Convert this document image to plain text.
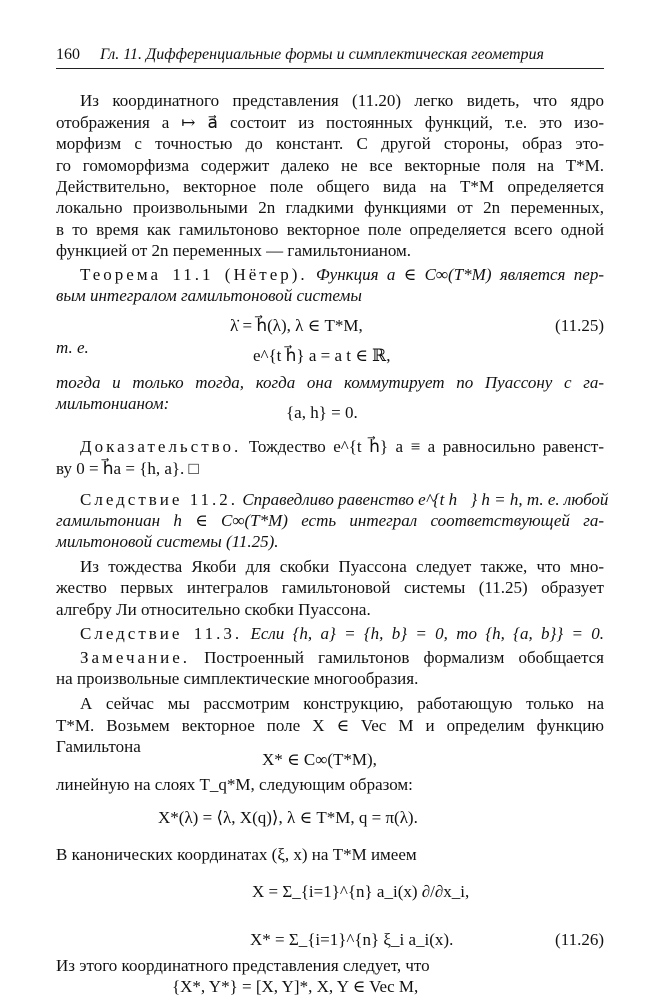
160 Гл. 11. Дифференциальные формы и симплектическая геометрия
Из координатного представления (11.20) легко видеть, что ядро
отображения a ↦ a⃗ состоит из постоянных функций, т.е. это изо-
морфизм с точностью до констант. С другой стороны, образ это-
го гомоморфизма содержит далеко не все векторные поля на T*M.
Действительно, векторное поле общего вида на T*M определяется
локально произвольными 2n гладкими функциями от 2n переменных,
в то время как гамильтоново векторное поле определяется всего одной
функцией от 2n переменных — гамильтонианом.
Теорема 11.1 (Нётер). Функция a ∈ C∞(T*M) является пер-
вым интегралом гамильтоновой системы
λ̇ = h⃗(λ), λ ∈ T*M,	(11.25)
т. е.	e^{t h⃗} a = a t ∈ ℝ,
тогда и только тогда, когда она коммутирует по Пуассону с га-
мильтонианом:	{a, h} = 0.
Доказательство. Тождество e^{t h⃗} a ≡ a равносильно равенст-
ву 0 = h⃗a = {h, a}. □
Следствие 11.2. Справедливо равенство e^{t h⃗} h = h, т. е. любой
гамильтониан h ∈ C∞(T*M) есть интеграл соответствующей га-
мильтоновой системы (11.25).
Из тождества Якоби для скобки Пуассона следует также, что мно-
жество первых интегралов гамильтоновой системы (11.25) образует
алгебру Ли относительно скобки Пуассона.
Следствие 11.3. Если {h, a} = {h, b} = 0, то {h, {a, b}} = 0.
Замечание. Построенный гамильтонов формализм обобщается
на произвольные симплектические многообразия.
А сейчас мы рассмотрим конструкцию, работающую только на
T*M. Возьмем векторное поле X ∈ Vec M и определим функцию
Гамильтона
X* ∈ C∞(T*M),
линейную на слоях T_q*M, следующим образом:
X*(λ) = ⟨λ, X(q)⟩, λ ∈ T*M, q = π(λ).
В канонических координатах (ξ, x) на T*M имеем
X = Σ_{i=1}^{n} a_i(x) ∂/∂x_i,
X* = Σ_{i=1}^{n} ξ_i a_i(x).	(11.26)
Из этого координатного представления следует, что
{X*, Y*} = [X, Y]*, X, Y ∈ Vec M,
